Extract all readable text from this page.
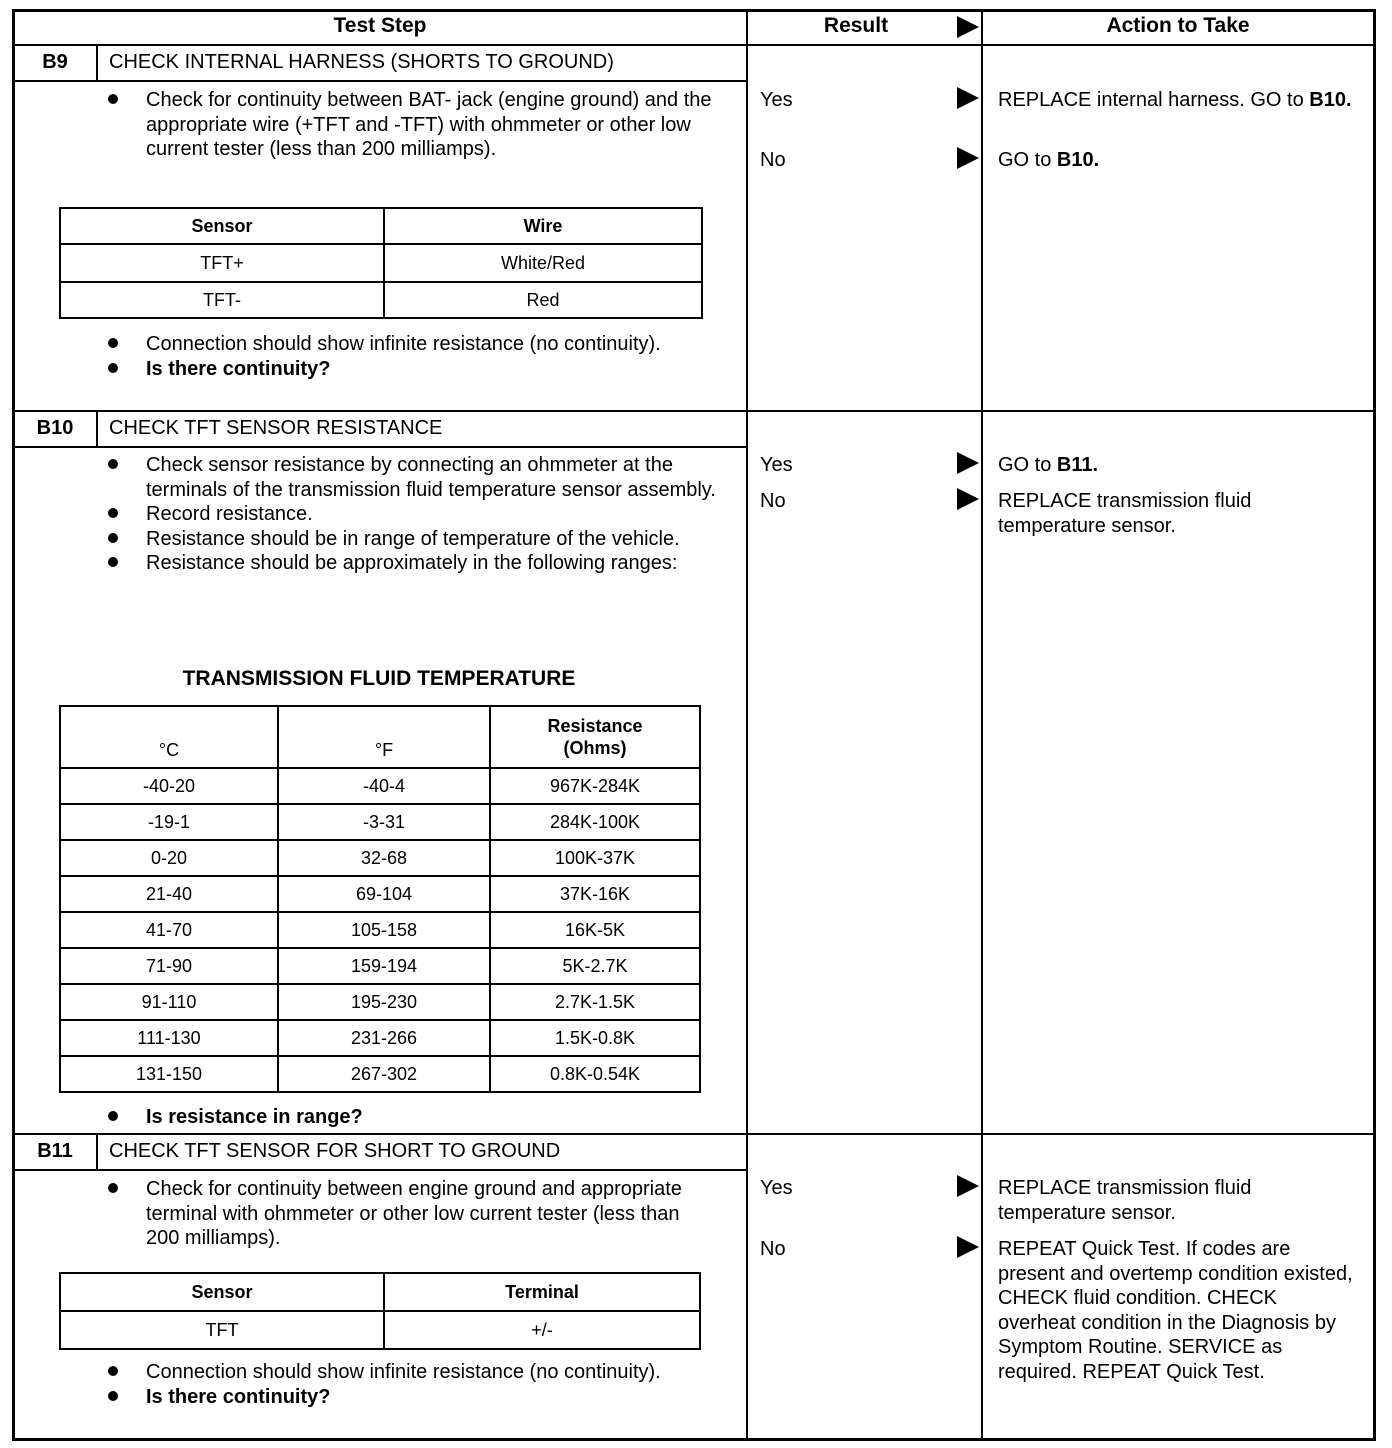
Test Step	Result	Action to Take
B9	CHECK INTERNAL HARNESS (SHORTS TO GROUND)
Check for continuity between BAT- jack (engine ground) and the appropriate wire (+TFT and -TFT) with ohmmeter or other low current tester (less than 200 milliamps).
Sensor	Wire
TFT+	White/Red
TFT-	Red
Connection should show infinite resistance (no continuity).
Is there continuity?
Yes	REPLACE internal harness. GO to B10.
No	GO to B10.
B10	CHECK TFT SENSOR RESISTANCE
Check sensor resistance by connecting an ohmmeter at the terminals of the transmission fluid temperature sensor assembly.
Record resistance.
Resistance should be in range of temperature of the vehicle.
Resistance should be approximately in the following ranges:
TRANSMISSION FLUID TEMPERATURE
°C	°F	Resistance (Ohms)
-40-20	-40-4	967K-284K
-19-1	-3-31	284K-100K
0-20	32-68	100K-37K
21-40	69-104	37K-16K
41-70	105-158	16K-5K
71-90	159-194	5K-2.7K
91-110	195-230	2.7K-1.5K
111-130	231-266	1.5K-0.8K
131-150	267-302	0.8K-0.54K
Is resistance in range?
Yes	GO to B11.
No	REPLACE transmission fluid temperature sensor.
B11	CHECK TFT SENSOR FOR SHORT TO GROUND
Check for continuity between engine ground and appropriate terminal with ohmmeter or other low current tester (less than 200 milliamps).
Sensor	Terminal
TFT	+/-
Connection should show infinite resistance (no continuity).
Is there continuity?
Yes	REPLACE transmission fluid temperature sensor.
No	REPEAT Quick Test. If codes are present and overtemp condition existed, CHECK fluid condition. CHECK overheat condition in the Diagnosis by Symptom Routine. SERVICE as required. REPEAT Quick Test.
